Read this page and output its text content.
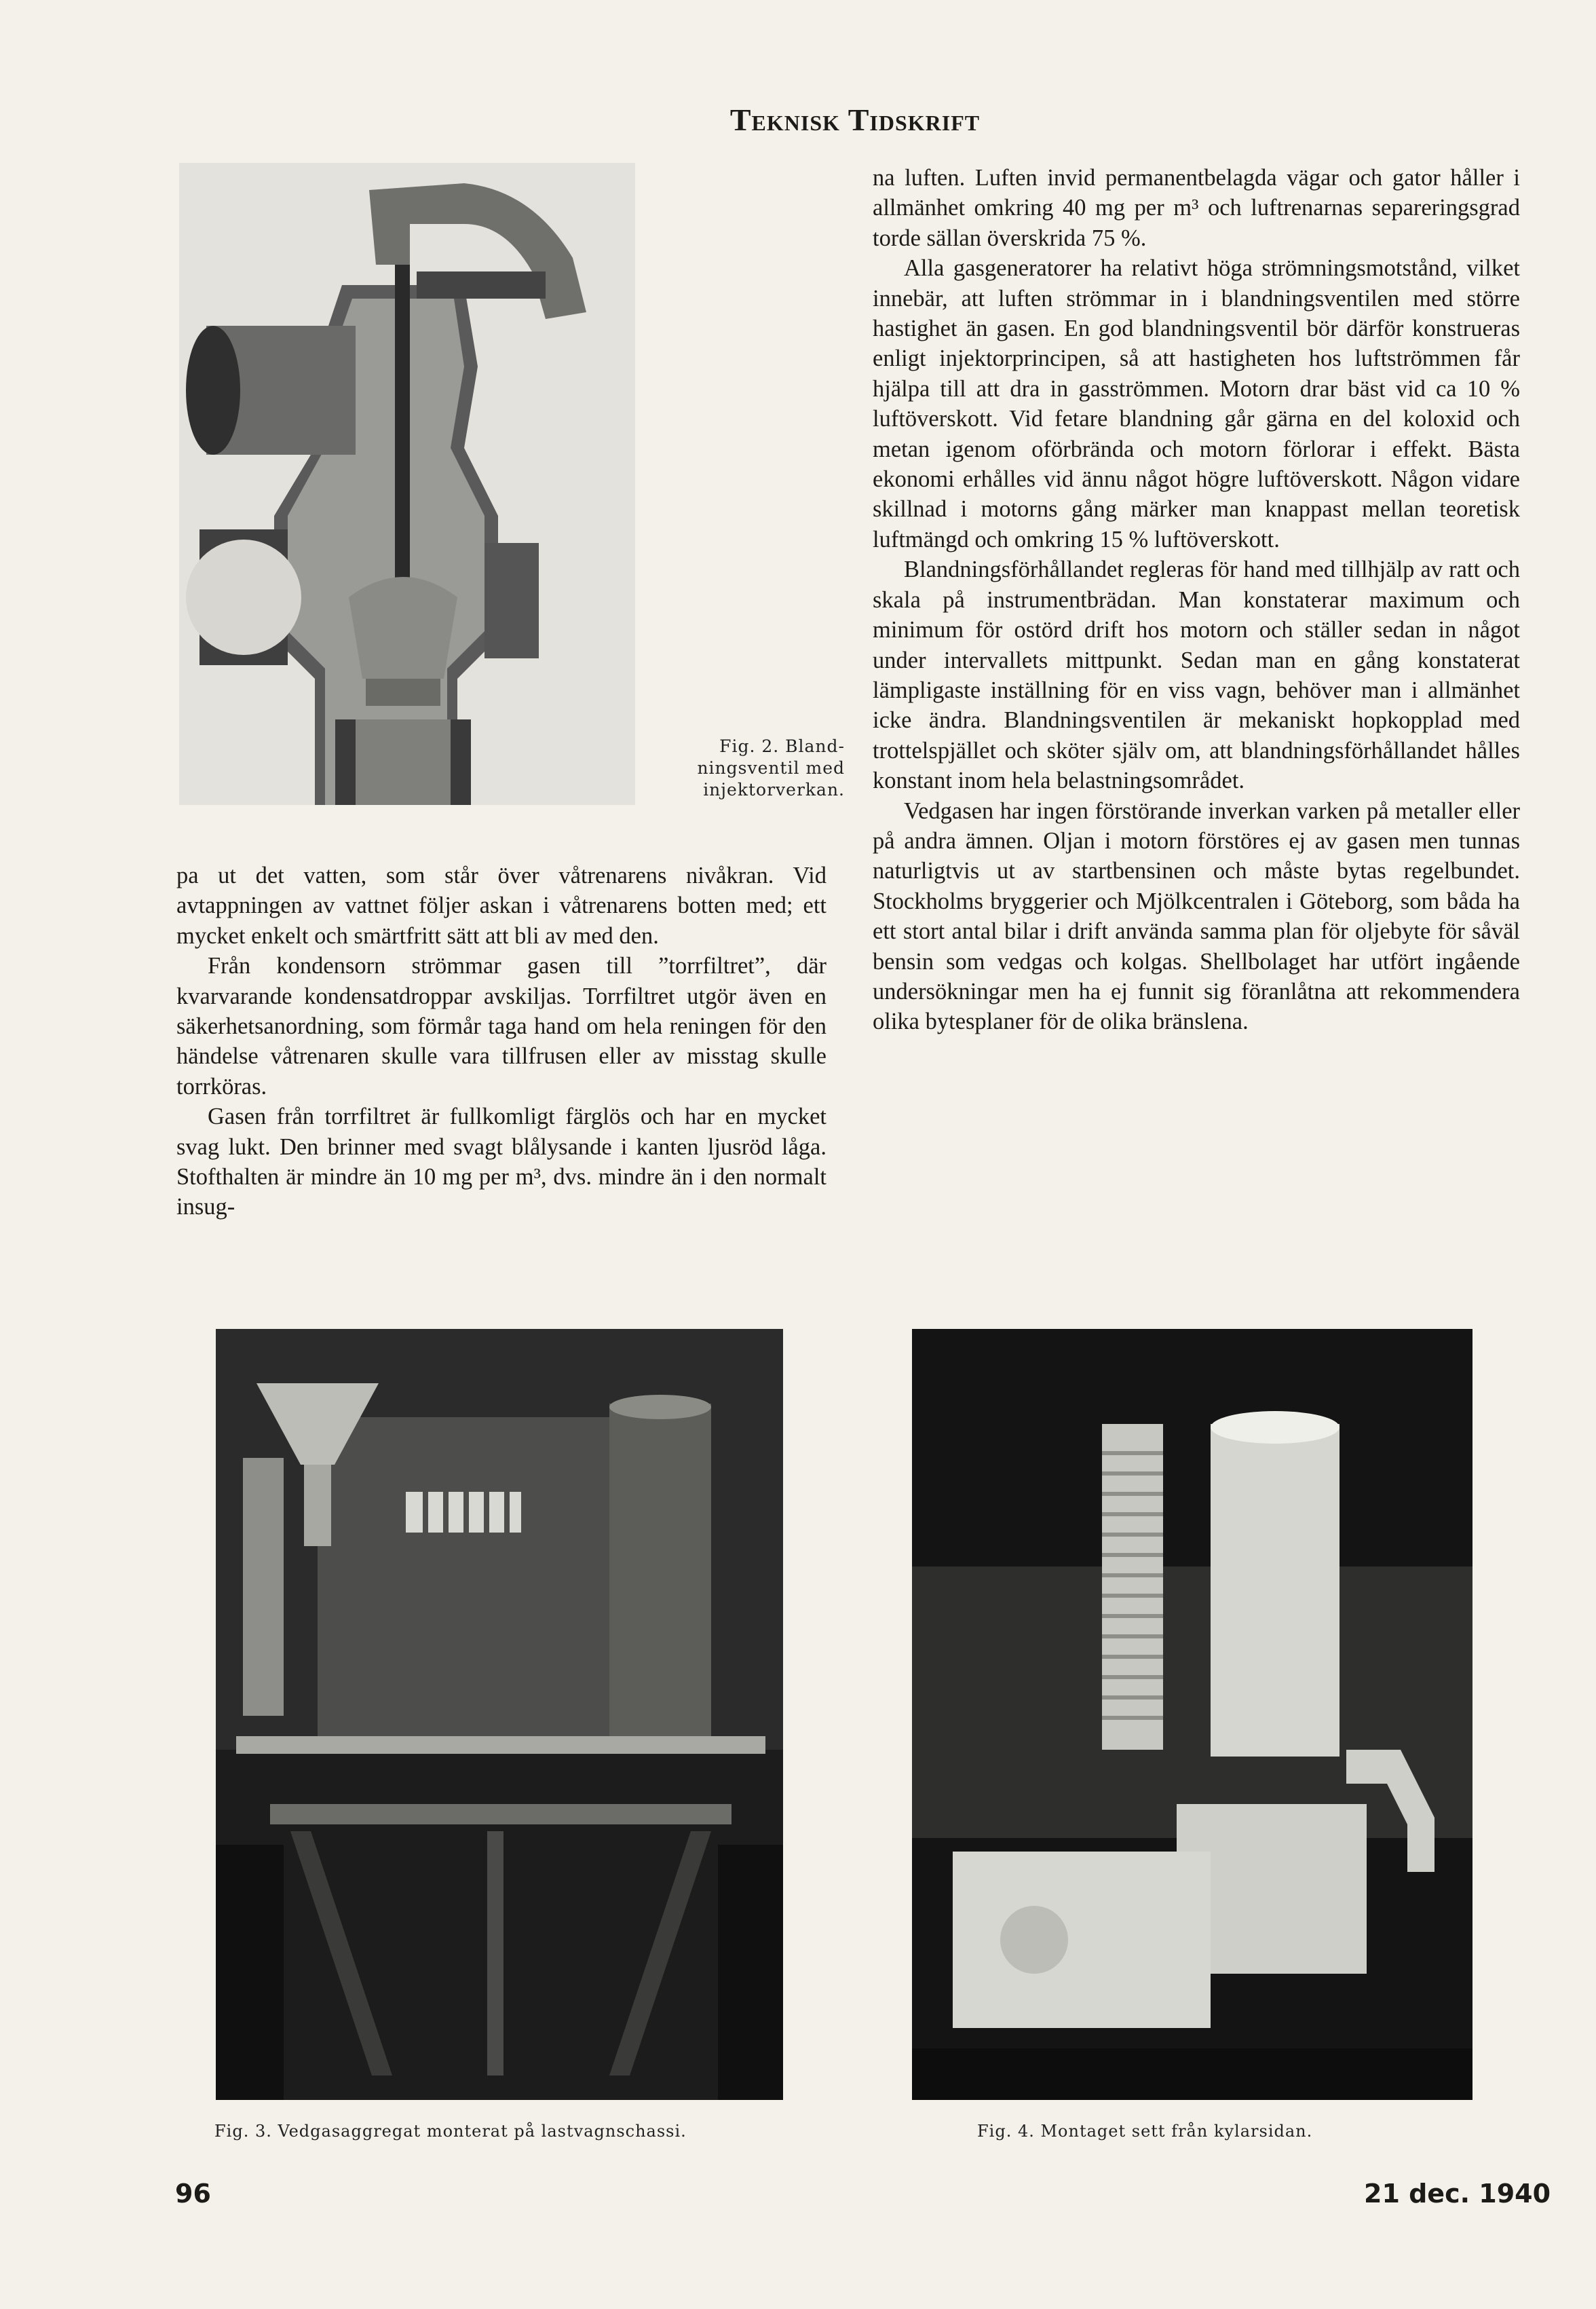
Teknisk Tidskrift
Fig. 2. Bland-
ningsventil med
injektorverkan.

pa ut det vatten, som står över våtrenarens nivåkran. Vid avtappningen av vattnet följer askan i våtrenarens botten med; ett mycket enkelt och smärtfritt sätt att bli av med den.

Från kondensorn strömmar gasen till ”torrfiltret”, där kvarvarande kondensatdroppar avskiljas. Torrfiltret utgör även en säkerhetsanordning, som förmår taga hand om hela reningen för den händelse våtrenaren skulle vara tillfrusen eller av misstag skulle torrköras.

Gasen från torrfiltret är fullkomligt färglös och har en mycket svag lukt. Den brinner med svagt blålysande i kanten ljusröd låga. Stofthalten är mindre än 10 mg per m³, dvs. mindre än i den normalt insug-

na luften. Luften invid permanentbelagda vägar och gator håller i allmänhet omkring 40 mg per m³ och luftrenarnas separeringsgrad torde sällan överskrida 75 %.

Alla gasgeneratorer ha relativt höga strömningsmotstånd, vilket innebär, att luften strömmar in i blandningsventilen med större hastighet än gasen. En god blandningsventil bör därför konstrueras enligt injektorprincipen, så att hastigheten hos luftströmmen får hjälpa till att dra in gasströmmen. Motorn drar bäst vid ca 10 % luftöverskott. Vid fetare blandning går gärna en del koloxid och metan igenom oförbrända och motorn förlorar i effekt. Bästa ekonomi erhålles vid ännu något högre luftöverskott. Någon vidare skillnad i motorns gång märker man knappast mellan teoretisk luftmängd och omkring 15 % luftöverskott.

Blandningsförhållandet regleras för hand med tillhjälp av ratt och skala på instrumentbrädan. Man konstaterar maximum och minimum för ostörd drift hos motorn och ställer sedan in något under intervallets mittpunkt. Sedan man en gång konstaterat lämpligaste inställning för en viss vagn, behöver man i allmänhet icke ändra. Blandningsventilen är mekaniskt hopkopplad med trottelspjället och sköter själv om, att blandningsförhållandet hålles konstant inom hela belastningsområdet.

Vedgasen har ingen förstörande inverkan varken på metaller eller på andra ämnen. Oljan i motorn förstöres ej av gasen men tunnas naturligtvis ut av startbensinen och måste bytas regelbundet. Stockholms bryggerier och Mjölkcentralen i Göteborg, som båda ha ett stort antal bilar i drift använda samma plan för oljebyte för såväl bensin som vedgas och kolgas. Shellbolaget har utfört ingående undersökningar men ha ej funnit sig föranlåtna att rekommendera olika bytesplaner för de olika bränslena.

Fig. 3. Vedgasaggregat monterat på lastvagnschassi.	Fig. 4. Montaget sett från kylarsidan.
96	21 dec. 1940
